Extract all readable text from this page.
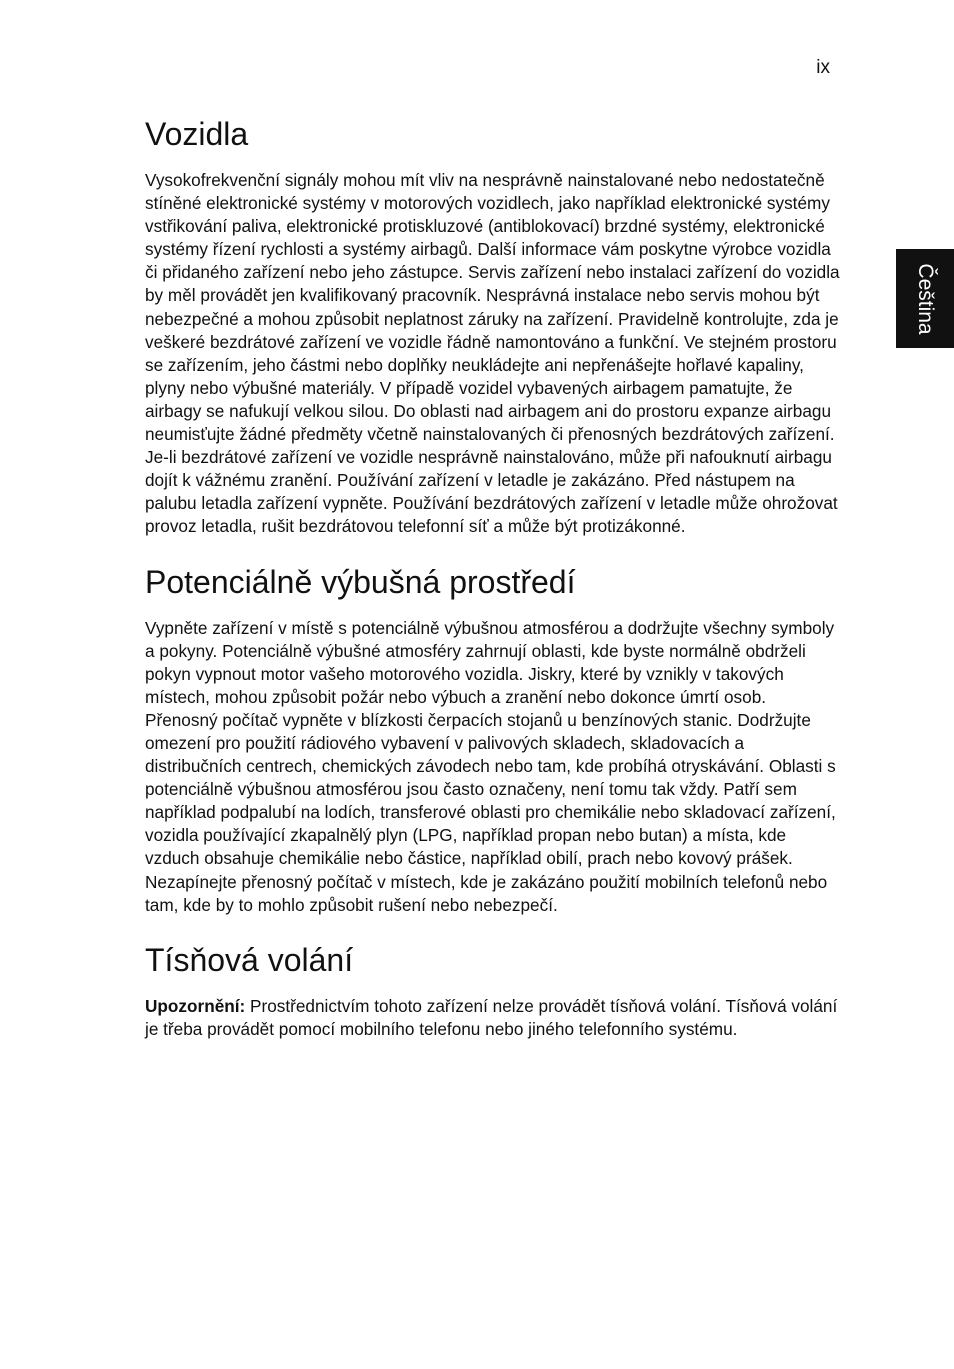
ix
Čeština
Vozidla

Vysokofrekvenční signály mohou mít vliv na nesprávně nainstalované nebo nedostatečně stíněné elektronické systémy v motorových vozidlech, jako například elektronické systémy vstřikování paliva, elektronické protiskluzové (antiblokovací) brzdné systémy, elektronické systémy řízení rychlosti a systémy airbagů. Další informace vám poskytne výrobce vozidla či přidaného zařízení nebo jeho zástupce. Servis zařízení nebo instalaci zařízení do vozidla by měl provádět jen kvalifikovaný pracovník. Nesprávná instalace nebo servis mohou být nebezpečné a mohou způsobit neplatnost záruky na zařízení. Pravidelně kontrolujte, zda je veškeré bezdrátové zařízení ve vozidle řádně namontováno a funkční. Ve stejném prostoru se zařízením, jeho částmi nebo doplňky neukládejte ani nepřenášejte hořlavé kapaliny, plyny nebo výbušné materiály. V případě vozidel vybavených airbagem pamatujte, že airbagy se nafukují velkou silou. Do oblasti nad airbagem ani do prostoru expanze airbagu neumisťujte žádné předměty včetně nainstalovaných či přenosných bezdrátových zařízení. Je-li bezdrátové zařízení ve vozidle nesprávně nainstalováno, může při nafouknutí airbagu dojít k vážnému zranění. Používání zařízení v letadle je zakázáno. Před nástupem na palubu letadla zařízení vypněte. Používání bezdrátových zařízení v letadle může ohrožovat provoz letadla, rušit bezdrátovou telefonní síť a může být protizákonné.

Potenciálně výbušná prostředí

Vypněte zařízení v místě s potenciálně výbušnou atmosférou a dodržujte všechny symboly a pokyny. Potenciálně výbušné atmosféry zahrnují oblasti, kde byste normálně obdrželi pokyn vypnout motor vašeho motorového vozidla. Jiskry, které by vznikly v takových místech, mohou způsobit požár nebo výbuch a zranění nebo dokonce úmrtí osob. Přenosný počítač vypněte v blízkosti čerpacích stojanů u benzínových stanic. Dodržujte omezení pro použití rádiového vybavení v palivových skladech, skladovacích a distribučních centrech, chemických závodech nebo tam, kde probíhá otryskávání. Oblasti s potenciálně výbušnou atmosférou jsou často označeny, není tomu tak vždy. Patří sem například podpalubí na lodích, transferové oblasti pro chemikálie nebo skladovací zařízení, vozidla používající zkapalnělý plyn (LPG, například propan nebo butan) a místa, kde vzduch obsahuje chemikálie nebo částice, například obilí, prach nebo kovový prášek. Nezapínejte přenosný počítač v místech, kde je zakázáno použití mobilních telefonů nebo tam, kde by to mohlo způsobit rušení nebo nebezpečí.

Tísňová volání

Upozornění: Prostřednictvím tohoto zařízení nelze provádět tísňová volání. Tísňová volání je třeba provádět pomocí mobilního telefonu nebo jiného telefonního systému.
